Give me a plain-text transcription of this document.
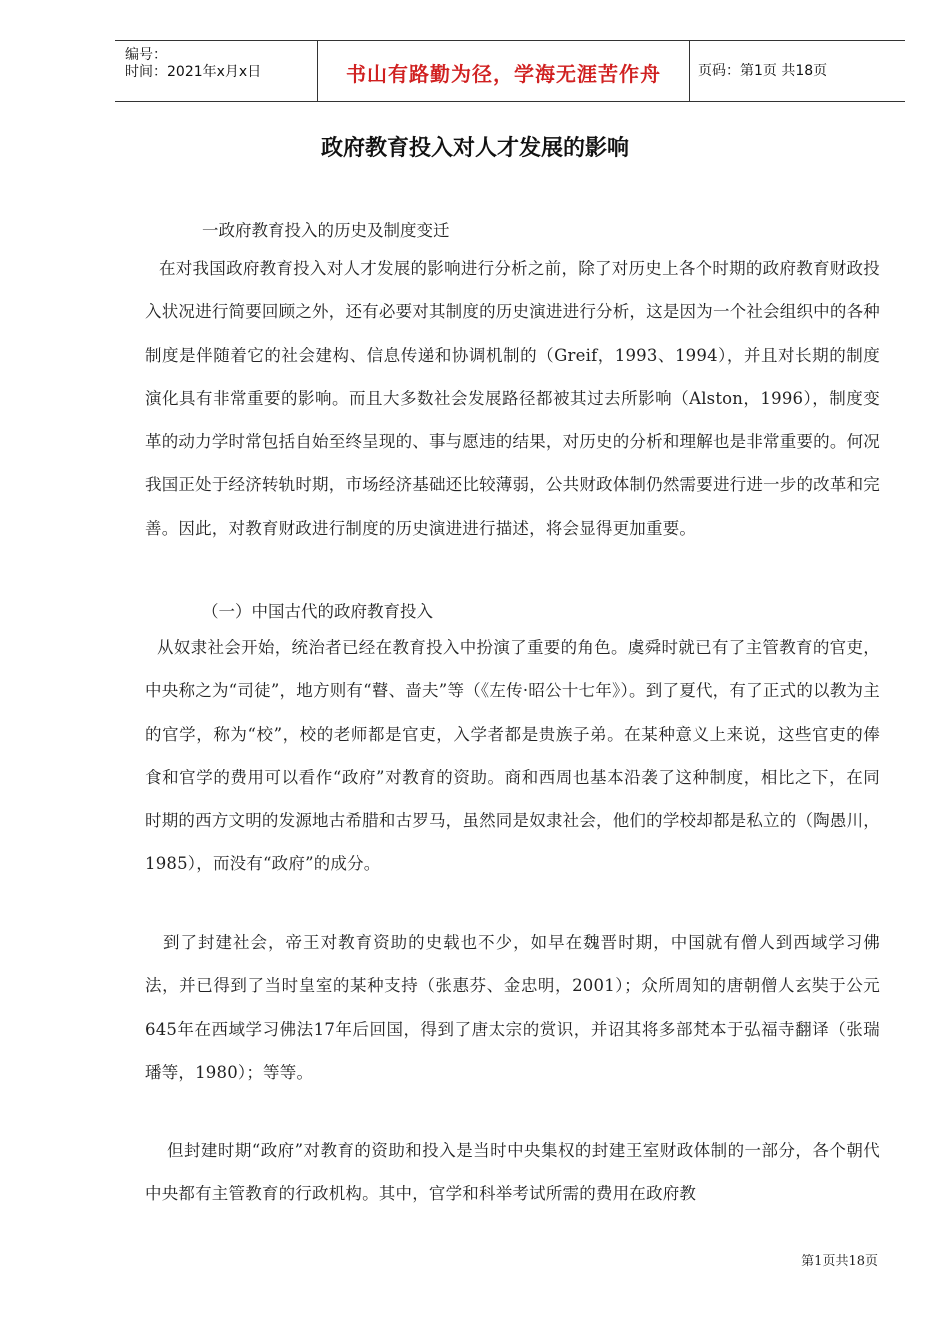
编号：
时间：2021年x月x日	书山有路勤为径，学海无涯苦作舟	页码：第1页 共18页
政府教育投入对人才发展的影响
一政府教育投入的历史及制度变迁
在对我国政府教育投入对人才发展的影响进行分析之前，除了对历史上各个时期的政府教育财政投入状况进行简要回顾之外，还有必要对其制度的历史演进进行分析，这是因为一个社会组织中的各种制度是伴随着它的社会建构、信息传递和协调机制的（Greif，1993、1994），并且对长期的制度演化具有非常重要的影响。而且大多数社会发展路径都被其过去所影响（Alston，1996），制度变革的动力学时常包括自始至终呈现的、事与愿违的结果，对历史的分析和理解也是非常重要的。何况我国正处于经济转轨时期，市场经济基础还比较薄弱，公共财政体制仍然需要进行进一步的改革和完善。因此，对教育财政进行制度的历史演进进行描述，将会显得更加重要。
（一）中国古代的政府教育投入
从奴隶社会开始，统治者已经在教育投入中扮演了重要的角色。虞舜时就已有了主管教育的官吏，中央称之为“司徒”，地方则有“瞽、啬夫”等（《左传·昭公十七年》）。到了夏代，有了正式的以教为主的官学，称为“校”，校的老师都是官吏，入学者都是贵族子弟。在某种意义上来说，这些官吏的俸食和官学的费用可以看作“政府”对教育的资助。商和西周也基本沿袭了这种制度，相比之下，在同时期的西方文明的发源地古希腊和古罗马，虽然同是奴隶社会，他们的学校却都是私立的（陶愚川，1985），而没有“政府”的成分。
到了封建社会，帝王对教育资助的史载也不少，如早在魏晋时期，中国就有僧人到西域学习佛法，并已得到了当时皇室的某种支持（张惠芬、金忠明，2001）；众所周知的唐朝僧人玄奘于公元645年在西域学习佛法17年后回国，得到了唐太宗的赏识，并诏其将多部梵本于弘福寺翻译（张瑞璠等，1980）；等等。
但封建时期“政府”对教育的资助和投入是当时中央集权的封建王室财政体制的一部分，各个朝代中央都有主管教育的行政机构。其中，官学和科举考试所需的费用在政府教
第1页共18页
